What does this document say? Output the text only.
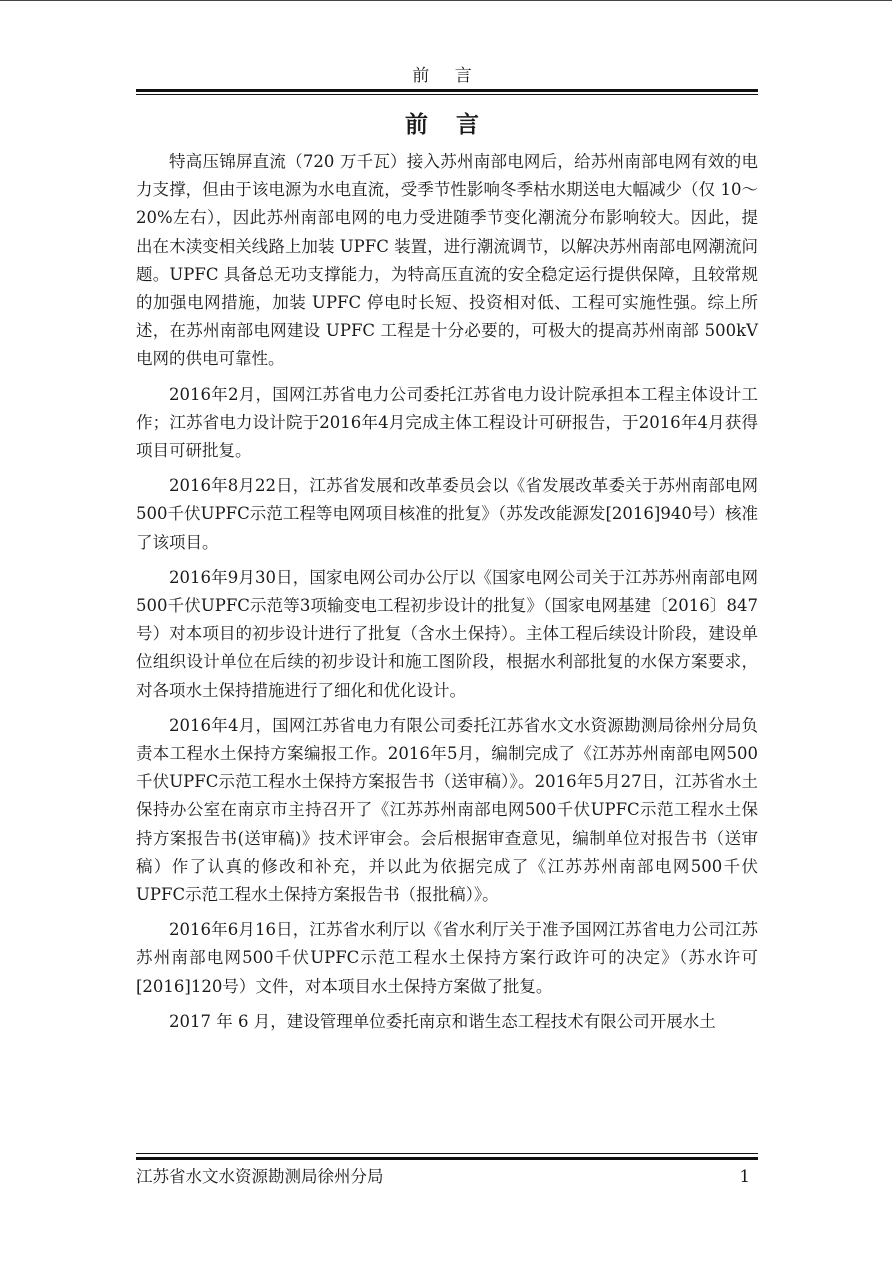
前 言
前 言

特高压锦屏直流（720 万千瓦）接入苏州南部电网后，给苏州南部电网有效的电力支撑，但由于该电源为水电直流，受季节性影响冬季枯水期送电大幅减少（仅 10～20%左右），因此苏州南部电网的电力受进随季节变化潮流分布影响较大。因此，提出在木渎变相关线路上加装 UPFC 装置，进行潮流调节，以解决苏州南部电网潮流问题。UPFC 具备总无功支撑能力，为特高压直流的安全稳定运行提供保障，且较常规的加强电网措施，加装 UPFC 停电时长短、投资相对低、工程可实施性强。综上所述，在苏州南部电网建设 UPFC 工程是十分必要的，可极大的提高苏州南部 500kV 电网的供电可靠性。

2016年2月，国网江苏省电力公司委托江苏省电力设计院承担本工程主体设计工作；江苏省电力设计院于2016年4月完成主体工程设计可研报告，于2016年4月获得项目可研批复。

2016年8月22日，江苏省发展和改革委员会以《省发展改革委关于苏州南部电网500千伏UPFC示范工程等电网项目核准的批复》（苏发改能源发[2016]940号）核准了该项目。

2016年9月30日，国家电网公司办公厅以《国家电网公司关于江苏苏州南部电网500千伏UPFC示范等3项输变电工程初步设计的批复》（国家电网基建〔2016〕847号）对本项目的初步设计进行了批复（含水土保持）。主体工程后续设计阶段，建设单位组织设计单位在后续的初步设计和施工图阶段，根据水利部批复的水保方案要求，对各项水土保持措施进行了细化和优化设计。

2016年4月，国网江苏省电力有限公司委托江苏省水文水资源勘测局徐州分局负责本工程水土保持方案编报工作。2016年5月，编制完成了《江苏苏州南部电网500千伏UPFC示范工程水土保持方案报告书（送审稿）》。2016年5月27日，江苏省水土保持办公室在南京市主持召开了《江苏苏州南部电网500千伏UPFC示范工程水土保持方案报告书(送审稿)》技术评审会。会后根据审查意见，编制单位对报告书（送审稿）作了认真的修改和补充，并以此为依据完成了《江苏苏州南部电网500千伏UPFC示范工程水土保持方案报告书（报批稿）》。

2016年6月16日，江苏省水利厅以《省水利厅关于准予国网江苏省电力公司江苏苏州南部电网500千伏UPFC示范工程水土保持方案行政许可的决定》（苏水许可[2016]120号）文件，对本项目水土保持方案做了批复。

2017 年 6 月，建设管理单位委托南京和谐生态工程技术有限公司开展水土

江苏省水文水资源勘测局徐州分局	1
